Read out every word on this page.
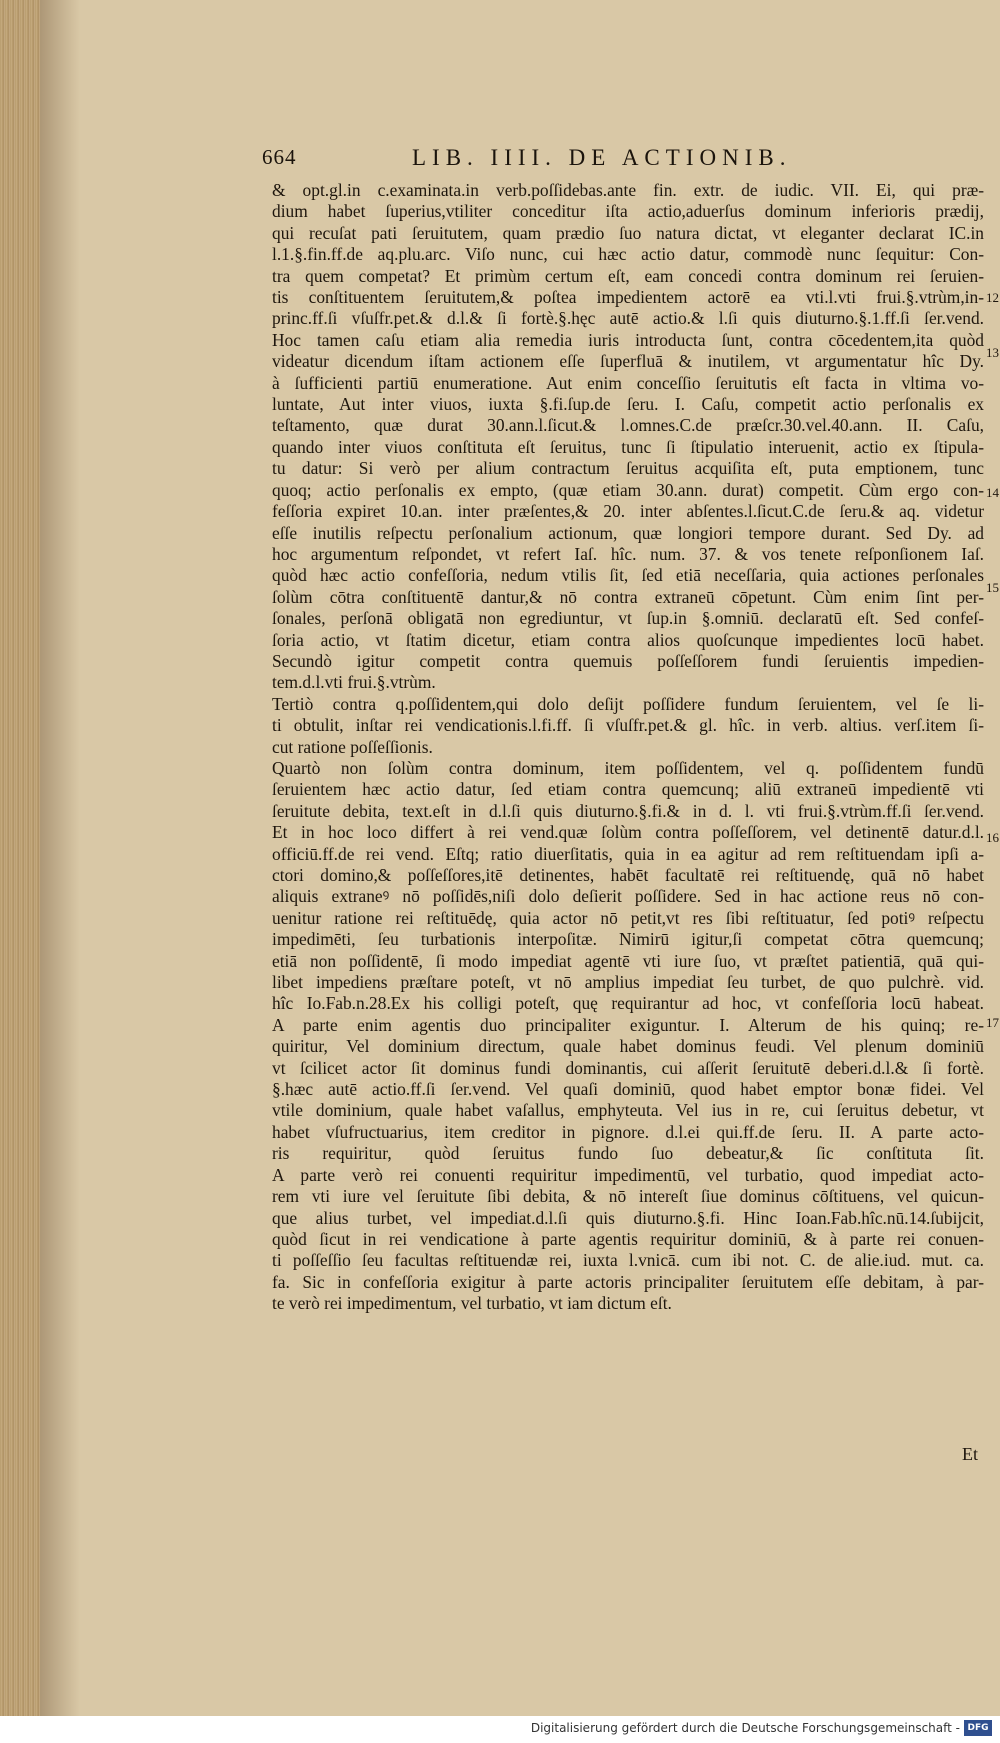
664	LIB. IIII. DE ACTIONIB.
& opt.gl.in c.examinata.in verb.poſſidebas.ante fin. extr. de iudic. VII. Ei, qui præ-
dium habet ſuperius,vtiliter conceditur iſta actio,aduerſus dominum inferioris prædij,
qui recuſat pati ſeruitutem, quam prædio ſuo natura dictat, vt eleganter declarat IC.in
l.1.§.fin.ff.de aq.plu.arc. Viſo nunc, cui hæc actio datur, commodè nunc ſequitur: Con-
tra quem competat? Et primùm certum eſt, eam concedi contra dominum rei ſeruien-
tis conſtituentem ſeruitutem,& poſtea impedientem actorē ea vti.l.vti frui.§.vtrùm,in-
princ.ff.ſi vſuſfr.pet.& d.l.& ſi fortè.§.hęc autē actio.& l.ſi quis diuturno.§.1.ff.ſi ſer.vend.
Hoc tamen caſu etiam alia remedia iuris introducta ſunt, contra cōcedentem,ita quòd
videatur dicendum iſtam actionem eſſe ſuperfluā & inutilem, vt argumentatur hîc Dy.
à ſufficienti partiū enumeratione. Aut enim conceſſio ſeruitutis eſt facta in vltima vo-
luntate, Aut inter viuos, iuxta §.fi.ſup.de ſeru. I. Caſu, competit actio perſonalis ex
teſtamento, quæ durat 30.ann.l.ſicut.& l.omnes.C.de præſcr.30.vel.40.ann. II. Caſu,
quando inter viuos conſtituta eſt ſeruitus, tunc ſi ſtipulatio interuenit, actio ex ſtipula-
tu datur: Si verò per alium contractum ſeruitus acquiſita eſt, puta emptionem, tunc
quoq; actio perſonalis ex empto, (quæ etiam 30.ann. durat) competit. Cùm ergo con-
feſſoria expiret 10.an. inter præſentes,& 20. inter abſentes.l.ſicut.C.de ſeru.& aq. videtur
eſſe inutilis reſpectu perſonalium actionum, quæ longiori tempore durant. Sed Dy. ad
hoc argumentum reſpondet, vt refert Iaſ. hîc. num. 37. & vos tenete reſponſionem Iaſ.
quòd hæc actio confeſſoria, nedum vtilis ſit, ſed etiā neceſſaria, quia actiones perſonales
ſolùm cōtra conſtituentē dantur,& nō contra extraneū cōpetunt. Cùm enim ſint per-
ſonales, perſonā obligatā non egrediuntur, vt ſup.in §.omniū. declaratū eſt. Sed confeſ-
ſoria actio, vt ſtatim dicetur, etiam contra alios quoſcunque impedientes locū habet.
Secundò igitur competit contra quemuis poſſeſſorem fundi ſeruientis impedien-
tem.d.l.vti frui.§.vtrùm.
Tertiò contra q.poſſidentem,qui dolo deſijt poſſidere fundum ſeruientem, vel ſe li-
ti obtulit, inſtar rei vendicationis.l.fi.ff. ſi vſuſfr.pet.& gl. hîc. in verb. altius. verſ.item ſi-
cut ratione poſſeſſionis.
Quartò non ſolùm contra dominum, item poſſidentem, vel q. poſſidentem fundū
ſeruientem hæc actio datur, ſed etiam contra quemcunq; aliū extraneū impedientē vti
ſeruitute debita, text.eſt in d.l.ſi quis diuturno.§.fi.& in d. l. vti frui.§.vtrùm.ff.ſi ſer.vend.
Et in hoc loco differt à rei vend.quæ ſolùm contra poſſeſſorem, vel detinentē datur.d.l.
officiū.ff.de rei vend. Eſtq; ratio diuerſitatis, quia in ea agitur ad rem reſtituendam ipſi a-
ctori domino,& poſſeſſores,itē detinentes, habēt facultatē rei reſtituendę, quā nō habet
aliquis extraneꝰ nō poſſidēs,niſi dolo deſierit poſſidere. Sed in hac actione reus nō con-
uenitur ratione rei reſtituēdę, quia actor nō petit,vt res ſibi reſtituatur, ſed potiꝰ reſpectu
impedimēti, ſeu turbationis interpoſitæ. Nimirū igitur,ſi competat cōtra quemcunq;
etiā non poſſidentē, ſi modo impediat agentē vti iure ſuo, vt præſtet patientiā, quā qui-
libet impediens præſtare poteſt, vt nō amplius impediat ſeu turbet, de quo pulchrè. vid.
hîc Io.Fab.n.28.Ex his colligi poteſt, quę requirantur ad hoc, vt confeſſoria locū habeat.
A parte enim agentis duo principaliter exiguntur. I. Alterum de his quinq; re-
quiritur, Vel dominium directum, quale habet dominus feudi. Vel plenum dominiū
vt ſcilicet actor ſit dominus fundi dominantis, cui aſſerit ſeruitutē deberi.d.l.& ſi fortè.
§.hæc autē actio.ff.ſi ſer.vend. Vel quaſi dominiū, quod habet emptor bonæ fidei. Vel
vtile dominium, quale habet vaſallus, emphyteuta. Vel ius in re, cui ſeruitus debetur, vt
habet vſufructuarius, item creditor in pignore. d.l.ei qui.ff.de ſeru. II. A parte acto-
ris requiritur, quòd ſeruitus fundo ſuo debeatur,& ſic conſtituta ſit.
A parte verò rei conuenti requiritur impedimentū, vel turbatio, quod impediat acto-
rem vti iure vel ſeruitute ſibi debita, & nō intereſt ſiue dominus cōſtituens, vel quicun-
que alius turbet, vel impediat.d.l.ſi quis diuturno.§.fi. Hinc Ioan.Fab.hîc.nū.14.ſubijcit,
quòd ſicut in rei vendicatione à parte agentis requiritur dominiū, & à parte rei conuen-
ti poſſeſſio ſeu facultas reſtituendæ rei, iuxta l.vnicā. cum ibi not. C. de alie.iud. mut. ca.
fa. Sic in confeſſoria exigitur à parte actoris principaliter ſeruitutem eſſe debitam, à par-
te verò rei impedimentum, vel turbatio, vt iam dictum eſt.
12
13
14
15
16
17
Et
Digitalisierung gefördert durch die Deutsche Forschungsgemeinschaft - DFG
